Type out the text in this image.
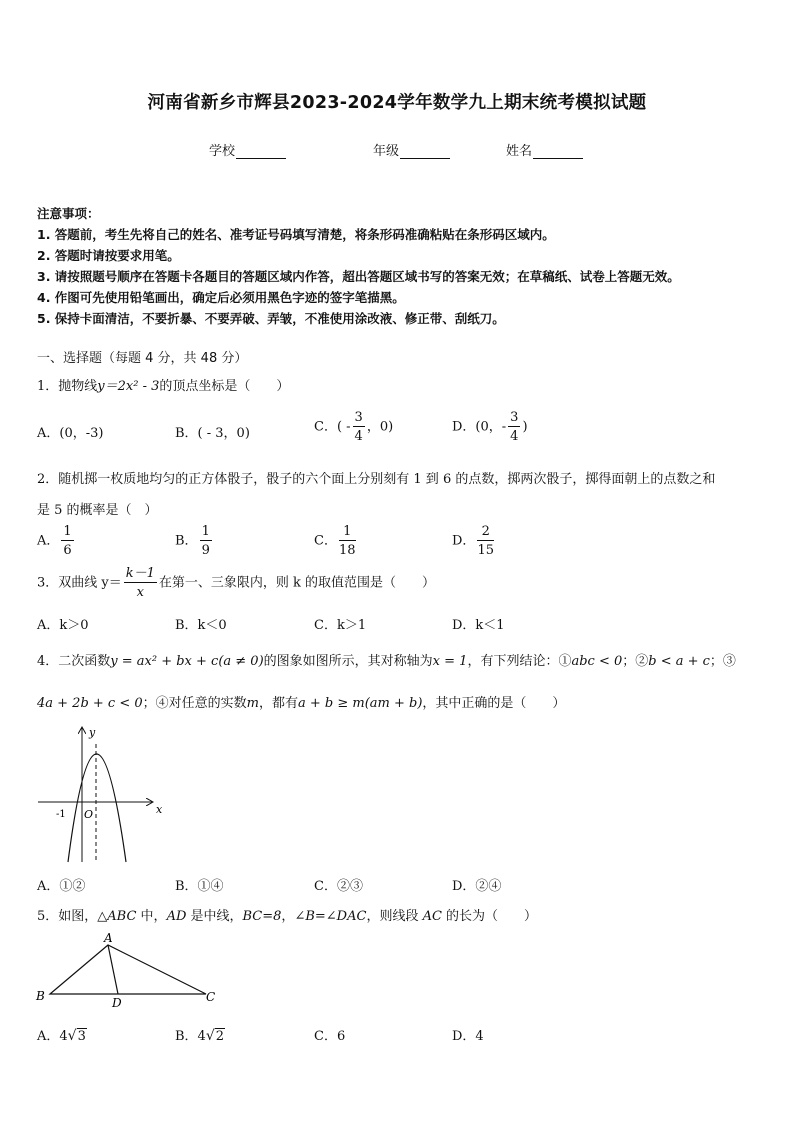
河南省新乡市辉县2023-2024学年数学九上期末统考模拟试题
学校	年级	姓名
注意事项：
1. 答题前，考生先将自己的姓名、准考证号码填写清楚，将条形码准确粘贴在条形码区域内。
2. 答题时请按要求用笔。
3. 请按照题号顺序在答题卡各题目的答题区域内作答，超出答题区域书写的答案无效；在草稿纸、试卷上答题无效。
4. 作图可先使用铅笔画出，确定后必须用黑色字迹的签字笔描黑。
5. 保持卡面清洁，不要折暴、不要弄破、弄皱，不准使用涂改液、修正带、刮纸刀。
一、选择题（每题 4 分，共 48 分）
1．抛物线y＝2x² - 3的顶点坐标是（　　）
A．(0，-3)	B．( - 3，0)	C．( - $\frac{3}{4}$ ，0)	D．(0，- $\frac{3}{4}$ )
2．随机掷一枚质地均匀的正方体骰子，骰子的六个面上分别刻有 1 到 6 的点数，掷两次骰子，掷得面朝上的点数之和
是 5 的概率是（　）
A． $\frac{1}{6}$	B． $\frac{1}{9}$	C． $\frac{1}{18}$	D． $\frac{2}{15}$
3．双曲线 $y= \frac{k-1}{x}$ 在第一、三象限内，则 k 的取值范围是（　　）
A．k＞0	B．k＜0	C．k＞1	D．k＜1
4．二次函数y = ax² + bx + c(a ≠ 0)的图象如图所示，其对称轴为x = 1，有下列结论：①abc < 0；②b < a + c；③
4a + 2b + c < 0；④对任意的实数m，都有a + b ≥ m(am + b)，其中正确的是（　　）
y
x
O
-1
A．①②	B．①④	C．②③	D．②④
5．如图，△ABC 中，AD 是中线，BC=8，∠B=∠DAC，则线段 AC 的长为（　　）
A
B	C
D
A．4√3	B．4√2	C．6	D．4
